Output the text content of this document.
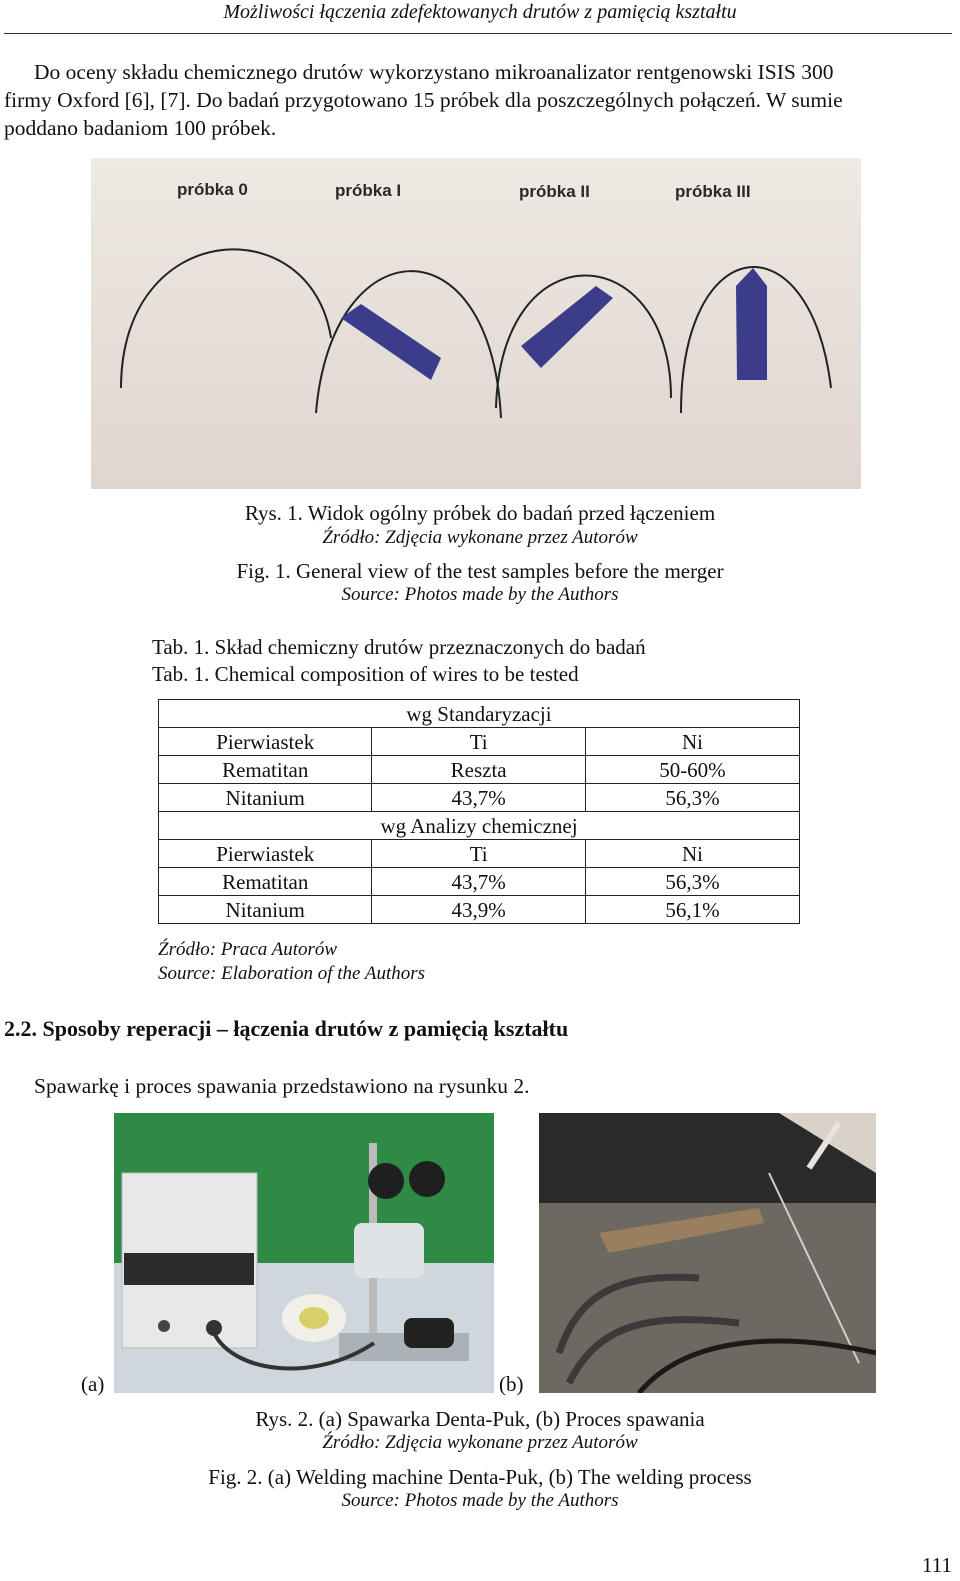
Możliwości łączenia zdefektowanych drutów z pamięcią kształtu
Do oceny składu chemicznego drutów wykorzystano mikroanalizator rentgenowski ISIS 300
firmy Oxford [6], [7]. Do badań przygotowano 15 próbek dla poszczególnych połączeń. W sumie
poddano badaniom 100 próbek.
próbka 0	próbka I	próbka II	próbka III
Rys. 1. Widok ogólny próbek do badań przed łączeniem
Źródło: Zdjęcia wykonane przez Autorów
Fig. 1. General view of the test samples before the merger
Source: Photos made by the Authors
Tab. 1. Skład chemiczny drutów przeznaczonych do badań
Tab. 1. Chemical composition of wires to be tested
wg Standaryzacji		
Pierwiastek	Ti	Ni
Rematitan	Reszta	50-60%
Nitanium	43,7%	56,3%
wg Analizy chemicznej		
Pierwiastek	Ti	Ni
Rematitan	43,7%	56,3%
Nitanium	43,9%	56,1%
Źródło: Praca Autorów
Source: Elaboration of the Authors
2.2. Sposoby reperacji – łączenia drutów z pamięcią kształtu
Spawarkę i proces spawania przedstawiono na rysunku 2.
(a)	(b)
Rys. 2. (a) Spawarka Denta-Puk, (b) Proces spawania
Źródło: Zdjęcia wykonane przez Autorów
Fig. 2. (a) Welding machine Denta-Puk, (b) The welding process
Source: Photos made by the Authors
111
